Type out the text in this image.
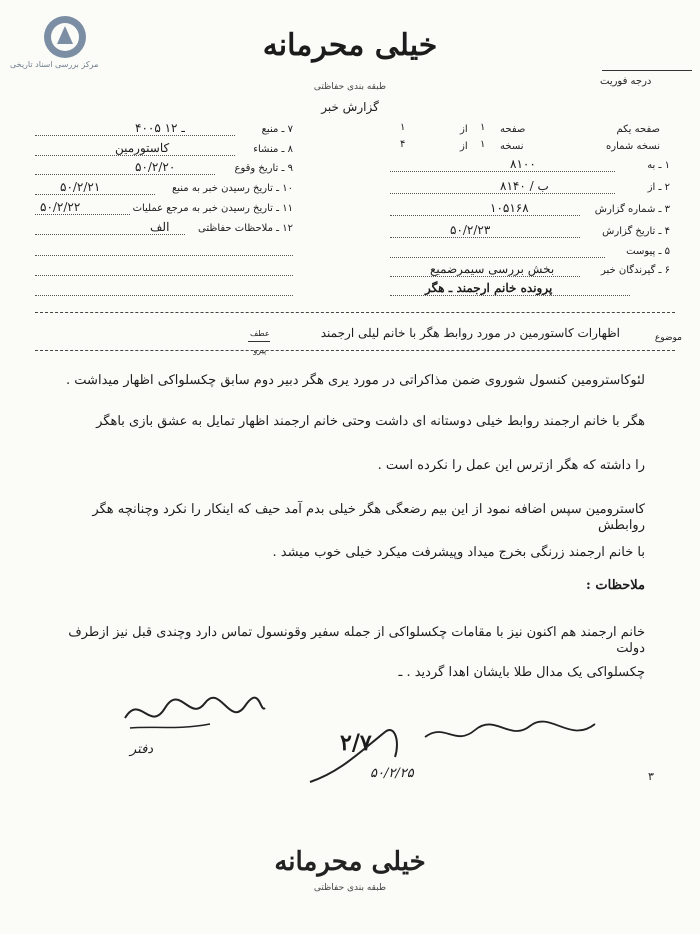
مرکز بررسی اسناد تاریخی
خیلی محرمانه
طبقه بندی حفاظتی
گزارش خبر
درجه فوریت
صفحه یکم
صفحه
۱
از
۱
نسخه شماره
نسخه
۱
از
۴
۱ ـ به
۸۱۰۰
۲ ـ از
۸۱۴۰ / ب
۳ ـ شماره گزارش
۱۰۵۱۶۸
۴ ـ تاریخ گزارش
۵۰/۲/۲۳
۵ ـ پیوست
۶ ـ گیرندگان خبر
بخش بررسی سیمرضمیع
پرونده خانم ارجمند ـ هگر
۷ ـ منبع
۴۰۰۵ ـ ۱۲
۸ ـ منشاء
کاستورمین
۹ ـ تاریخ وقوع
۵۰/۲/۲۰
۱۰ ـ تاریخ رسیدن خبر به منبع
۵۰/۲/۲۱
۱۱ ـ تاریخ رسیدن خبر به مرجع عملیات
۵۰/۲/۲۲
۱۲ ـ ملاحظات حفاظتی
الف
موضوع
اظهارات کاستورمین در مورد روابط هگر با خانم لیلی ارجمند
عطف
پیرو
لئوکاسترومین کنسول شوروی ضمن مذاکراتی در مورد یری هگر دبیر دوم سابق چکسلواکی اظهار میداشت .
هگر با خانم ارجمند روابط خیلی دوستانه ای داشت وحتی خانم ارجمند اظهار تمایل به عشق بازی باهگر
را داشته که هگر ازترس این عمل را نکرده است .
کاسترومین سپس اضافه نمود از این بیم رضعگی هگر خیلی بدم آمد حیف که اینکار را نکرد وچنانچه هگر روابطش
با خانم ارجمند زرنگی بخرج میداد وپیشرفت میکرد خیلی خوب میشد .
ملاحظات :
خانم ارجمند هم اکنون نیز با مقامات چکسلواکی از جمله سفیر وقونسول تماس دارد وچندی قبل نیز ازطرف دولت
چکسلواکی یک مدال طلا بایشان اهدا گردید . ـ
دفتر	۲/۷
۵۰/۲/۲۵	۳
خیلی محرمانه
طبقه بندی حفاظتی
